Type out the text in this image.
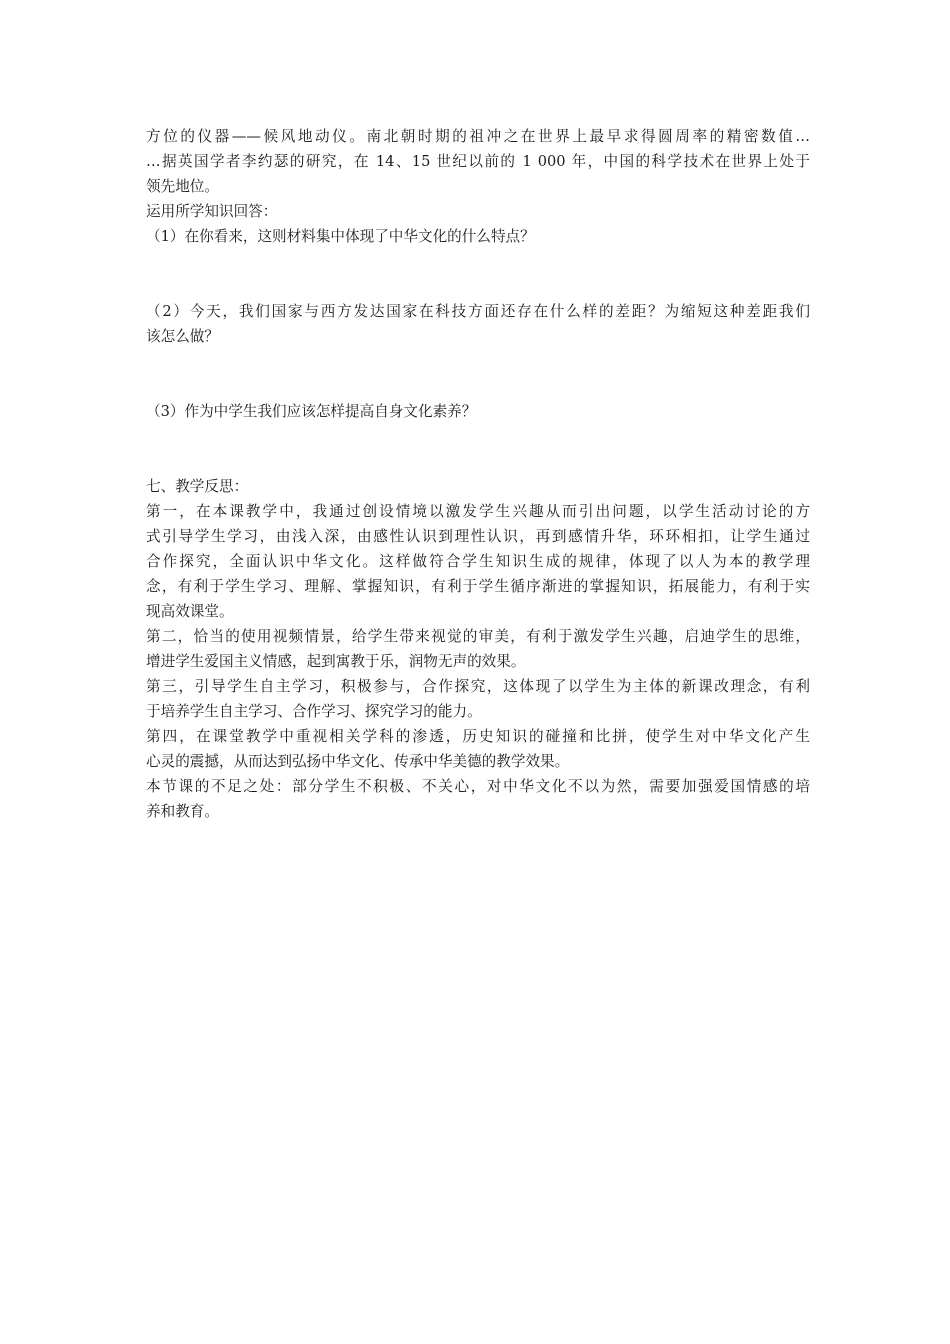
方位的仪器——候风地动仪。南北朝时期的祖冲之在世界上最早求得圆周率的精密数值…
…据英国学者李约瑟的研究，在 14、15 世纪以前的 1 000 年，中国的科学技术在世界上处于
领先地位。
运用所学知识回答：
（1）在你看来，这则材料集中体现了中华文化的什么特点？
（2）今天，我们国家与西方发达国家在科技方面还存在什么样的差距？为缩短这种差距我们
该怎么做？
（3）作为中学生我们应该怎样提高自身文化素养？
七、教学反思：
第一，在本课教学中，我通过创设情境以激发学生兴趣从而引出问题，以学生活动讨论的方
式引导学生学习，由浅入深，由感性认识到理性认识，再到感情升华，环环相扣，让学生通过
合作探究，全面认识中华文化。这样做符合学生知识生成的规律，体现了以人为本的教学理
念，有利于学生学习、理解、掌握知识，有利于学生循序渐进的掌握知识，拓展能力，有利于实
现高效课堂。
第二，恰当的使用视频情景，给学生带来视觉的审美，有利于激发学生兴趣，启迪学生的思维，
增进学生爱国主义情感，起到寓教于乐，润物无声的效果。
第三，引导学生自主学习，积极参与，合作探究，这体现了以学生为主体的新课改理念，有利
于培养学生自主学习、合作学习、探究学习的能力。
第四，在课堂教学中重视相关学科的渗透，历史知识的碰撞和比拼，使学生对中华文化产生
心灵的震撼，从而达到弘扬中华文化、传承中华美德的教学效果。
本节课的不足之处：部分学生不积极、不关心，对中华文化不以为然，需要加强爱国情感的培
养和教育。
